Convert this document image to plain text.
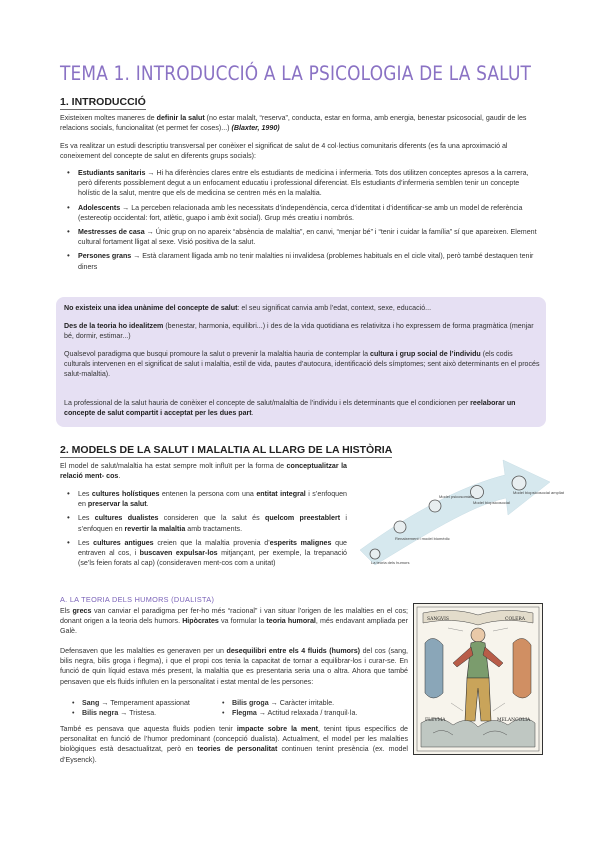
TEMA 1. INTRODUCCIÓ A LA PSICOLOGIA DE LA SALUT
1. INTRODUCCIÓ
Existeixen moltes maneres de definir la salut (no estar malalt, “reserva”, conducta, estar en forma, amb energia, benestar psicosocial, gaudir de les relacions socials, funcionalitat (et permet fer coses)...) (Blaxter, 1990)
Es va realitzar un estudi descriptiu transversal per conèixer el significat de salut de 4 col·lectius comunitaris diferents (es fa una aproximació al coneixement del concepte de salut en diferents grups socials):
• Estudiants sanitaris → Hi ha diferències clares entre els estudiants de medicina i infermeria. Tots dos utilitzen conceptes apresos a la carrera, però diferents possiblement degut a un enfocament educatiu i professional diferenciat. Els estudiants d’infermeria semblen tenir un concepte holístic de la salut, mentre que els de medicina se centren més en la malaltia.
• Adolescents → La perceben relacionada amb les necessitats d’independència, cerca d’identitat i d’identificar-se amb un model de referència (estereotip occidental: fort, atlètic, guapo i amb èxit social). Grup més creatiu i nombrós.
• Mestresses de casa → Únic grup on no apareix “absència de malaltia”, en canvi, “menjar bé” i “tenir i cuidar la família” sí que apareixen. Element cultural fortament lligat al sexe. Visió positiva de la salut.
• Persones grans → Està clarament lligada amb no tenir malalties ni invalidesa (problemes habituals en el cicle vital), però també destaquen tenir diners
No existeix una idea unànime del concepte de salut: el seu significat canvia amb l’edat, context, sexe, educació...
Des de la teoria ho idealitzem (benestar, harmonia, equilibri...) i des de la vida quotidiana es relativitza i ho expressem de forma pragmàtica (menjar bé, dormir, estimar...)
Qualsevol paradigma que busqui promoure la salut o prevenir la malaltia hauria de contemplar la cultura i grup social de l’individu (els codis culturals intervenen en el significat de salut i malaltia, estil de vida, pautes d’autocura, identificació dels símptomes; sent això determinants en el procés salut-malaltia).
La professional de la salut hauria de conèixer el concepte de salut/malaltia de l’individu i els determinants que el condicionen per reelaborar un concepte de salut compartit i acceptat per les dues part.
2. MODELS DE LA SALUT I MALALTIA AL LLARG DE LA HISTÒRIA
El model de salut/malaltia ha estat sempre molt influït per la forma de conceptualitzar la relació ment- cos.
• Les cultures holístiques entenen la persona com una entitat integral i s’enfoquen en preservar la salut.
• Les cultures dualistes consideren que la salut és quelcom preestablert i s’enfoquen en revertir la malaltia amb tractaments.
• Les cultures antigues creien que la malaltia provenia d’esperits malignes que entraven al cos, i buscaven expulsar-los mitjançant, per exemple, la trepanació (se’ls feien forats al cap) (consideraven ment-cos com a unitat)	La teoria dels humors
Renaixement i model biomèdic
Model psicosomàtic
Model biopsicosocial
Model biopsicosocial ampliat
A. LA TEORIA DELS HUMORS (DUALISTA)
Els grecs van canviar el paradigma per fer-ho més “racional” i van situar l’origen de les malalties en el cos; donant origen a la teoria dels humors. Hipòcrates va formular la teoria humoral, més endavant ampliada per Galè.
Defensaven que les malalties es generaven per un desequilibri entre els 4 fluids (humors) del cos (sang, bilis negra, bilis groga i flegma), i que el propi cos tenia la capacitat de tornar a equilibrar-los i curar-se. En funció de quin líquid estava més present, la malaltia que es presentaria seria una o altra. Ahora que també pensaven que els fluids influïen en la personalitat i estat mental de les persones:
• Sang → Temperament apassionat	• Bilis groga → Caràcter irritable.
• Bilis negra → Tristesa.	• Flegma → Actitud relaxada / tranquil·la.
També es pensava que aquesta fluids podien tenir impacte sobre la ment, tenint tipus específics de personalitat en funció de l’humor predominant (concepció dualista). Actualment, el model per les malalties biològiques està desactualitzat, però en teories de personalitat continuen tenint presència (ex. model d’Eysenck).
SANGVIS	COLERA
FLEVMA	MELANCOLIA
